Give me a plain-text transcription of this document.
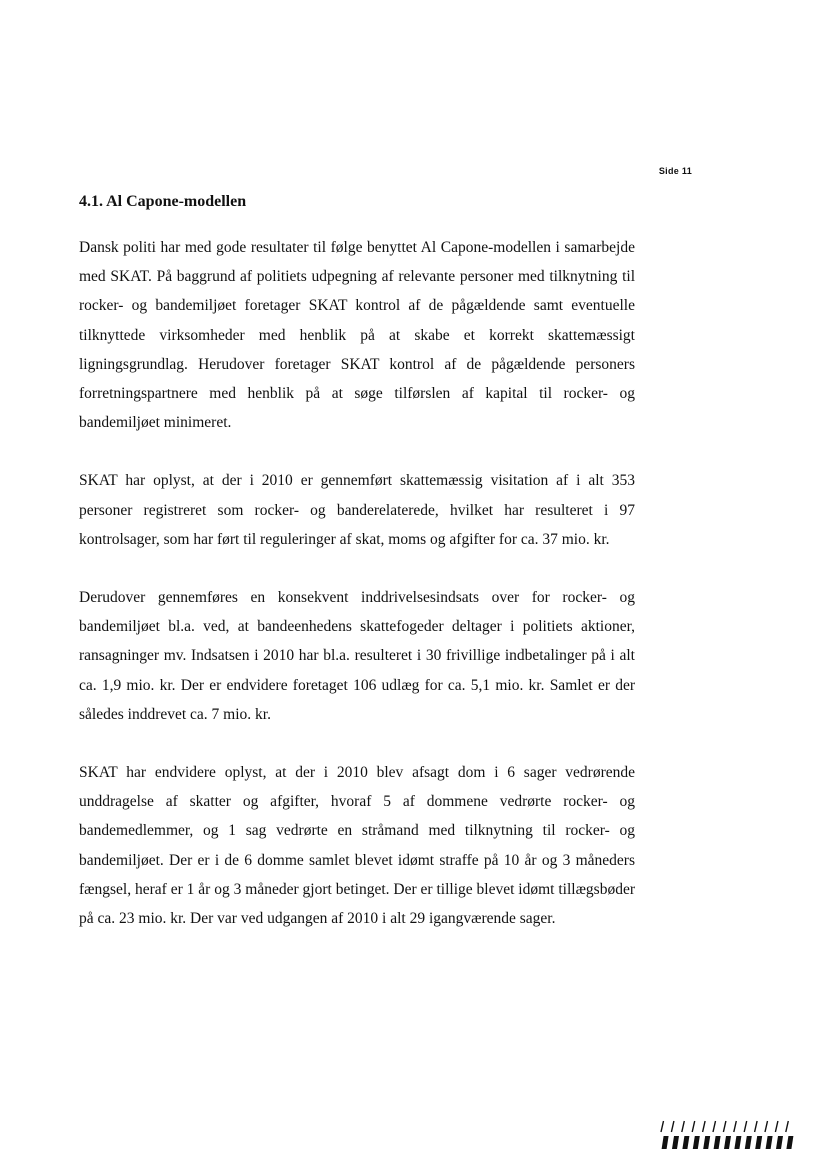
Side 11
4.1. Al Capone-modellen

Dansk politi har med gode resultater til følge benyttet Al Capone-modellen i samarbejde med SKAT. På baggrund af politiets udpegning af relevante personer med tilknytning til rocker- og bandemiljøet foretager SKAT kontrol af de pågældende samt eventuelle tilknyttede virksomheder med henblik på at skabe et korrekt skattemæssigt ligningsgrundlag. Herudover foretager SKAT kontrol af de pågældende personers forretningspartnere med henblik på at søge tilførslen af kapital til rocker- og bandemiljøet minimeret.

SKAT har oplyst, at der i 2010 er gennemført skattemæssig visitation af i alt 353 personer registreret som rocker- og banderelaterede, hvilket har resulteret i 97 kontrolsager, som har ført til reguleringer af skat, moms og afgifter for ca. 37 mio. kr.

Derudover gennemføres en konsekvent inddrivelsesindsats over for rocker- og bandemiljøet bl.a. ved, at bandeenhedens skattefogeder deltager i politiets aktioner, ransagninger mv. Indsatsen i 2010 har bl.a. resulteret i 30 frivillige indbetalinger på i alt ca. 1,9 mio. kr. Der er endvidere foretaget 106 udlæg for ca. 5,1 mio. kr. Samlet er der således inddrevet ca. 7 mio. kr.

SKAT har endvidere oplyst, at der i 2010 blev afsagt dom i 6 sager vedrørende unddragelse af skatter og afgifter, hvoraf 5 af dommene vedrørte rocker- og bandemedlemmer, og 1 sag vedrørte en stråmand med tilknytning til rocker- og bandemiljøet. Der er i de 6 domme samlet blevet idømt straffe på 10 år og 3 måneders fængsel, heraf er 1 år og 3 måneder gjort betinget. Der er tillige blevet idømt tillægsbøder på ca. 23 mio. kr. Der var ved udgangen af 2010 i alt 29 igangværende sager.
